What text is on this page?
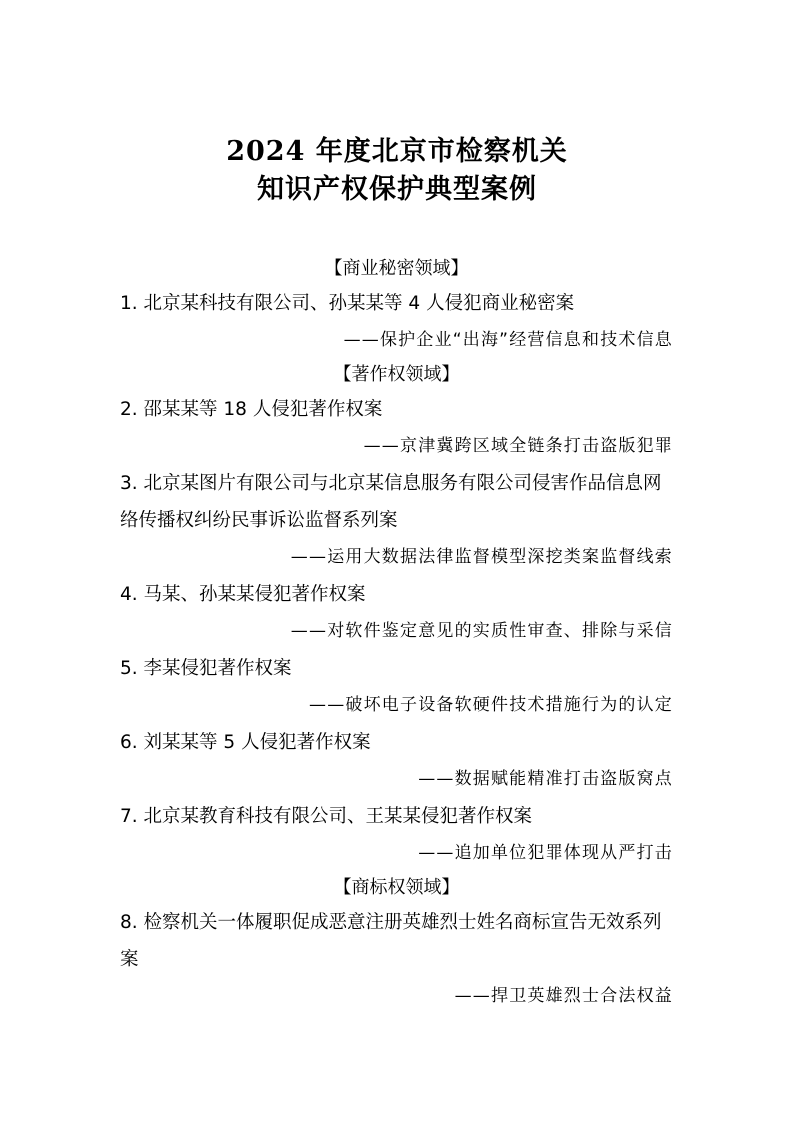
2024 年度北京市检察机关
知识产权保护典型案例
【商业秘密领域】
1. 北京某科技有限公司、孙某某等 4 人侵犯商业秘密案
——保护企业“出海”经营信息和技术信息
【著作权领域】
2. 邵某某等 18 人侵犯著作权案
——京津冀跨区域全链条打击盗版犯罪
3. 北京某图片有限公司与北京某信息服务有限公司侵害作品信息网络传播权纠纷民事诉讼监督系列案
——运用大数据法律监督模型深挖类案监督线索
4. 马某、孙某某侵犯著作权案
——对软件鉴定意见的实质性审查、排除与采信
5. 李某侵犯著作权案
——破坏电子设备软硬件技术措施行为的认定
6. 刘某某等 5 人侵犯著作权案
——数据赋能精准打击盗版窝点
7. 北京某教育科技有限公司、王某某侵犯著作权案
——追加单位犯罪体现从严打击
【商标权领域】
8. 检察机关一体履职促成恶意注册英雄烈士姓名商标宣告无效系列案
——捍卫英雄烈士合法权益
